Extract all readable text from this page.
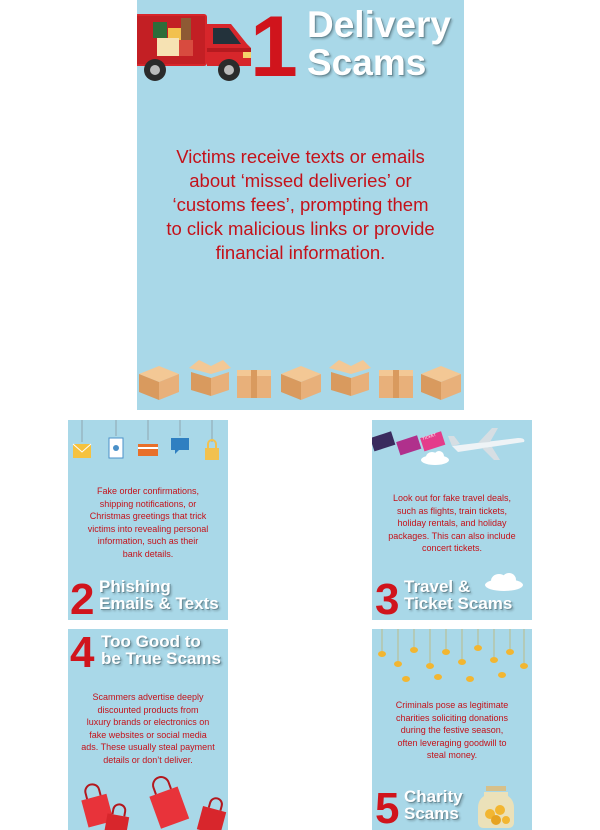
1 Delivery
Scams
Victims receive texts or emails
about ‘missed deliveries’ or
‘customs fees’, prompting them
to click malicious links or provide
financial information.
Fake order confirmations,
shipping notifications, or
Christmas greetings that trick
victims into revealing personal
information, such as their
bank details.
2 Phishing
Emails & Texts
TICKET
Look out for fake travel deals,
such as flights, train tickets,
holiday rentals, and holiday
packages. This can also include
concert tickets.
3 Travel &
Ticket Scams
4 Too Good to
be True Scams
Scammers advertise deeply
discounted products from
luxury brands or electronics on
fake websites or social media
ads. These usually steal payment
details or don’t deliver.
Criminals pose as legitimate
charities soliciting donations
during the festive season,
often leveraging goodwill to
steal money.
5 Charity
Scams
